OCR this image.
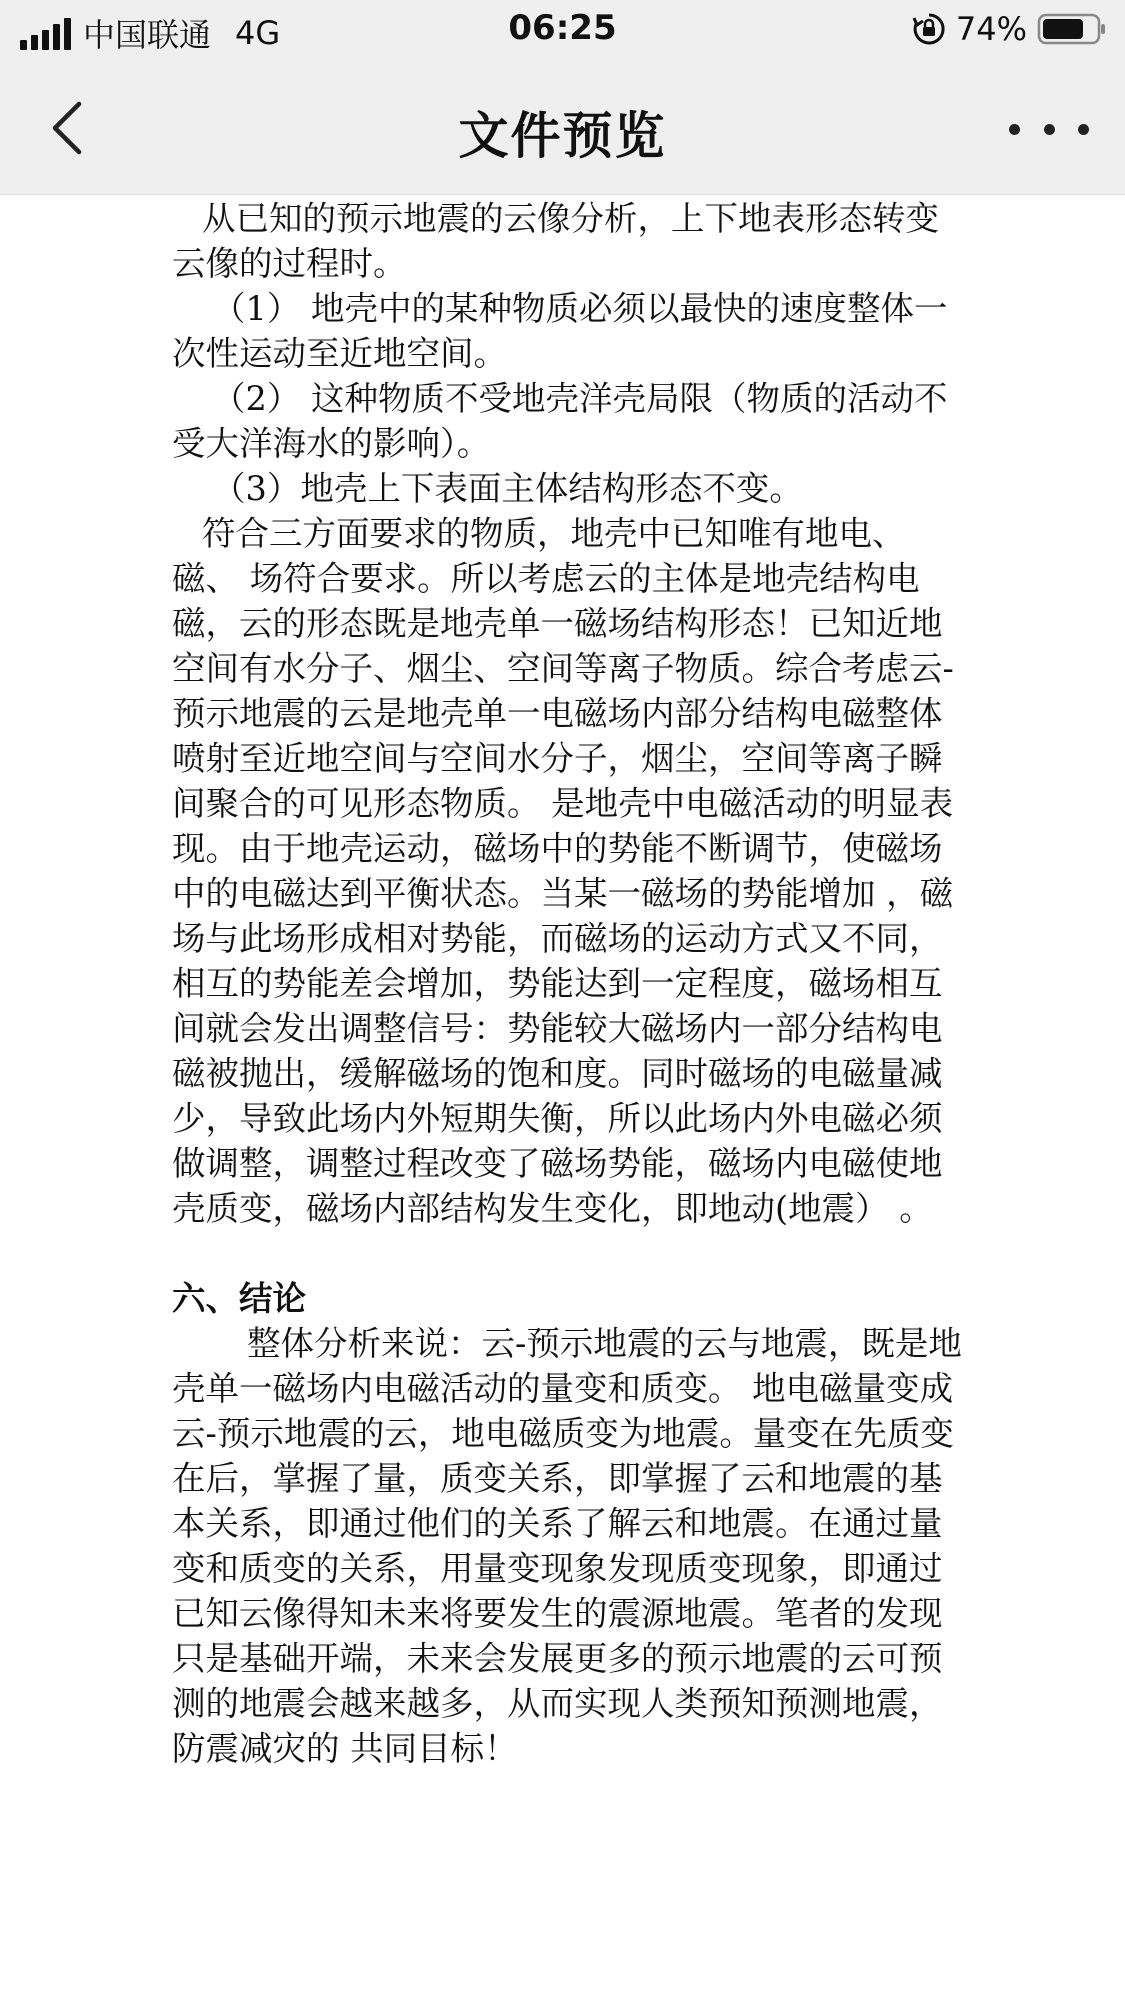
中国联通 4G	06:25	74%
文件预览

从已知的预示地震的云像分析，上下地表形态转变云像的过程时。

（1） 地壳中的某种物质必须以最快的速度整体一次性运动至近地空间。

（2） 这种物质不受地壳洋壳局限（物质的活动不受大洋海水的影响）。

（3）地壳上下表面主体结构形态不变。

符合三方面要求的物质，地壳中已知唯有地电、磁、 场符合要求。所以考虑云的主体是地壳结构电磁，云的形态既是地壳单一磁场结构形态！已知近地空间有水分子、烟尘、空间等离子物质。综合考虑云-预示地震的云是地壳单一电磁场内部分结构电磁整体喷射至近地空间与空间水分子，烟尘，空间等离子瞬间聚合的可见形态物质。 是地壳中电磁活动的明显表现。由于地壳运动，磁场中的势能不断调节，使磁场中的电磁达到平衡状态。当某一磁场的势能增加 ，磁场与此场形成相对势能，而磁场的运动方式又不同，相互的势能差会增加，势能达到一定程度，磁场相互间就会发出调整信号：势能较大磁场内一部分结构电磁被抛出，缓解磁场的饱和度。同时磁场的电磁量减少，导致此场内外短期失衡，所以此场内外电磁必须做调整，调整过程改变了磁场势能，磁场内电磁使地壳质变，磁场内部结构发生变化，即地动(地震） 。

六、结论

整体分析来说：云-预示地震的云与地震，既是地壳单一磁场内电磁活动的量变和质变。 地电磁量变成云-预示地震的云，地电磁质变为地震。量变在先质变在后，掌握了量，质变关系，即掌握了云和地震的基本关系，即通过他们的关系了解云和地震。在通过量变和质变的关系，用量变现象发现质变现象，即通过已知云像得知未来将要发生的震源地震。笔者的发现只是基础开端，未来会发展更多的预示地震的云可预测的地震会越来越多，从而实现人类预知预测地震，防震减灾的 共同目标！
